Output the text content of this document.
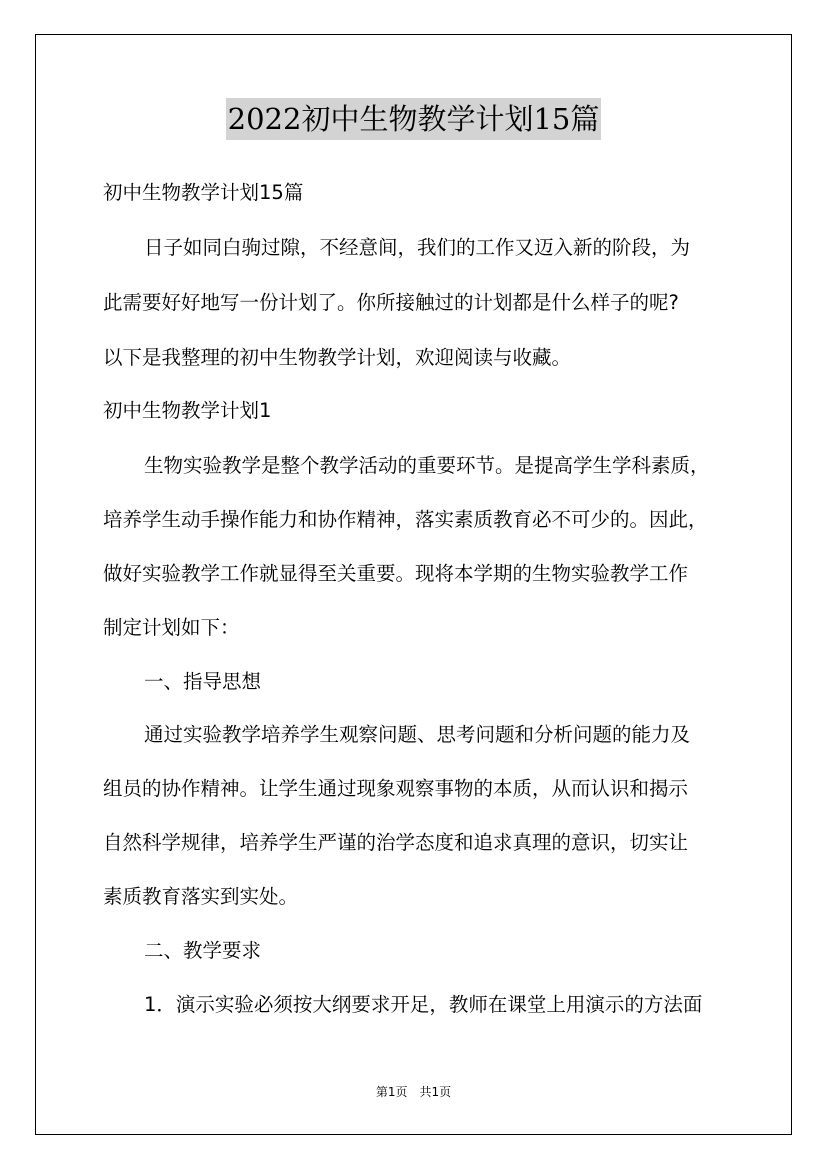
2022初中生物教学计划15篇
初中生物教学计划15篇
日子如同白驹过隙，不经意间，我们的工作又迈入新的阶段，为
此需要好好地写一份计划了。你所接触过的计划都是什么样子的呢?
以下是我整理的初中生物教学计划，欢迎阅读与收藏。
初中生物教学计划1
生物实验教学是整个教学活动的重要环节。是提高学生学科素质，
培养学生动手操作能力和协作精神，落实素质教育必不可少的。因此，
做好实验教学工作就显得至关重要。现将本学期的生物实验教学工作
制定计划如下：
一、指导思想
通过实验教学培养学生观察问题、思考问题和分析问题的能力及
组员的协作精神。让学生通过现象观察事物的本质，从而认识和揭示
自然科学规律，培养学生严谨的治学态度和追求真理的意识，切实让
素质教育落实到实处。
二、教学要求
1．演示实验必须按大纲要求开足，教师在课堂上用演示的方法面
第1页　共1页
